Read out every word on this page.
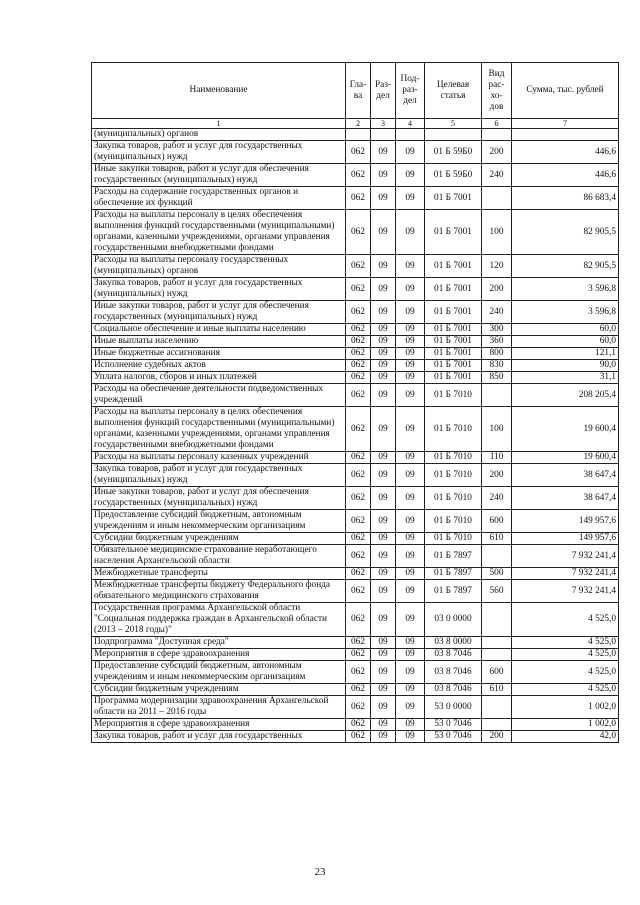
Наименование	Гла-ва	Раз-дел	Под-раз-дел	Целевая статья	Вид рас-хо-дов	Сумма, тыс. рублей
1	2	3	4	5	6	7
(муниципальных) органов						
Закупка товаров, работ и услуг для государственных (муниципальных) нужд	062	09	09	01 Б 59Б0	200	446,6
Иные закупки товаров, работ и услуг для обеспечения государственных (муниципальных) нужд	062	09	09	01 Б 59Б0	240	446,6
Расходы на содержание государственных органов и обеспечение их функций	062	09	09	01 Б 7001		86 683,4
Расходы на выплаты персоналу в целях обеспечения выполнения функций государственными (муниципальными) органами, казенными учреждениями, органами управления государственными внебюджетными фондами	062	09	09	01 Б 7001	100	82 905,5
Расходы на выплаты персоналу государственных (муниципальных) органов	062	09	09	01 Б 7001	120	82 905,5
Закупка товаров, работ и услуг для государственных (муниципальных) нужд	062	09	09	01 Б 7001	200	3 596,8
Иные закупки товаров, работ и услуг для обеспечения государственных (муниципальных) нужд	062	09	09	01 Б 7001	240	3 596,8
Социальное обеспечение и иные выплаты населению	062	09	09	01 Б 7001	300	60,0
Иные выплаты населению	062	09	09	01 Б 7001	360	60,0
Иные бюджетные ассигнования	062	09	09	01 Б 7001	800	121,1
Исполнение судебных актов	062	09	09	01 Б 7001	830	90,0
Уплата налогов, сборов и иных платежей	062	09	09	01 Б 7001	850	31,1
Расходы на обеспечение деятельности подведомственных учреждений	062	09	09	01 Б 7010		208 205,4
Расходы на выплаты персоналу в целях обеспечения выполнения функций государственными (муниципальными) органами, казенными учреждениями, органами управления государственными внебюджетными фондами	062	09	09	01 Б 7010	100	19 600,4
Расходы на выплаты персоналу казенных учреждений	062	09	09	01 Б 7010	110	19 600,4
Закупка товаров, работ и услуг для государственных (муниципальных) нужд	062	09	09	01 Б 7010	200	38 647,4
Иные закупки товаров, работ и услуг для обеспечения государственных (муниципальных) нужд	062	09	09	01 Б 7010	240	38 647,4
Предоставление субсидий бюджетным, автономным учреждениям и иным некоммерческим организациям	062	09	09	01 Б 7010	600	149 957,6
Субсидии бюджетным учреждениям	062	09	09	01 Б 7010	610	149 957,6
Обязательное медицинское страхование неработающего населения Архангельской области	062	09	09	01 Б 7897		7 932 241,4
Межбюджетные трансферты	062	09	09	01 Б 7897	500	7 932 241,4
Межбюджетные трансферты бюджету Федерального фонда обязательного медицинского страхования	062	09	09	01 Б 7897	560	7 932 241,4
Государственная программа Архангельской области "Социальная поддержка граждан в Архангельской области (2013 – 2018 годы)"	062	09	09	03 0 0000		4 525,0
Подпрограмма "Доступная среда"	062	09	09	03 8 0000		4 525,0
Мероприятия в сфере здравоохранения	062	09	09	03 8 7046		4 525,0
Предоставление субсидий бюджетным, автономным учреждениям и иным некоммерческим организациям	062	09	09	03 8 7046	600	4 525,0
Субсидии бюджетным учреждениям	062	09	09	03 8 7046	610	4 525,0
Программа модернизации здравоохранения Архангельской области на 2011 – 2016 годы	062	09	09	53 0 0000		1 002,0
Мероприятия в сфере здравоохранения	062	09	09	53 0 7046		1 002,0
Закупка товаров, работ и услуг для государственных	062	09	09	53 0 7046	200	42,0
23
